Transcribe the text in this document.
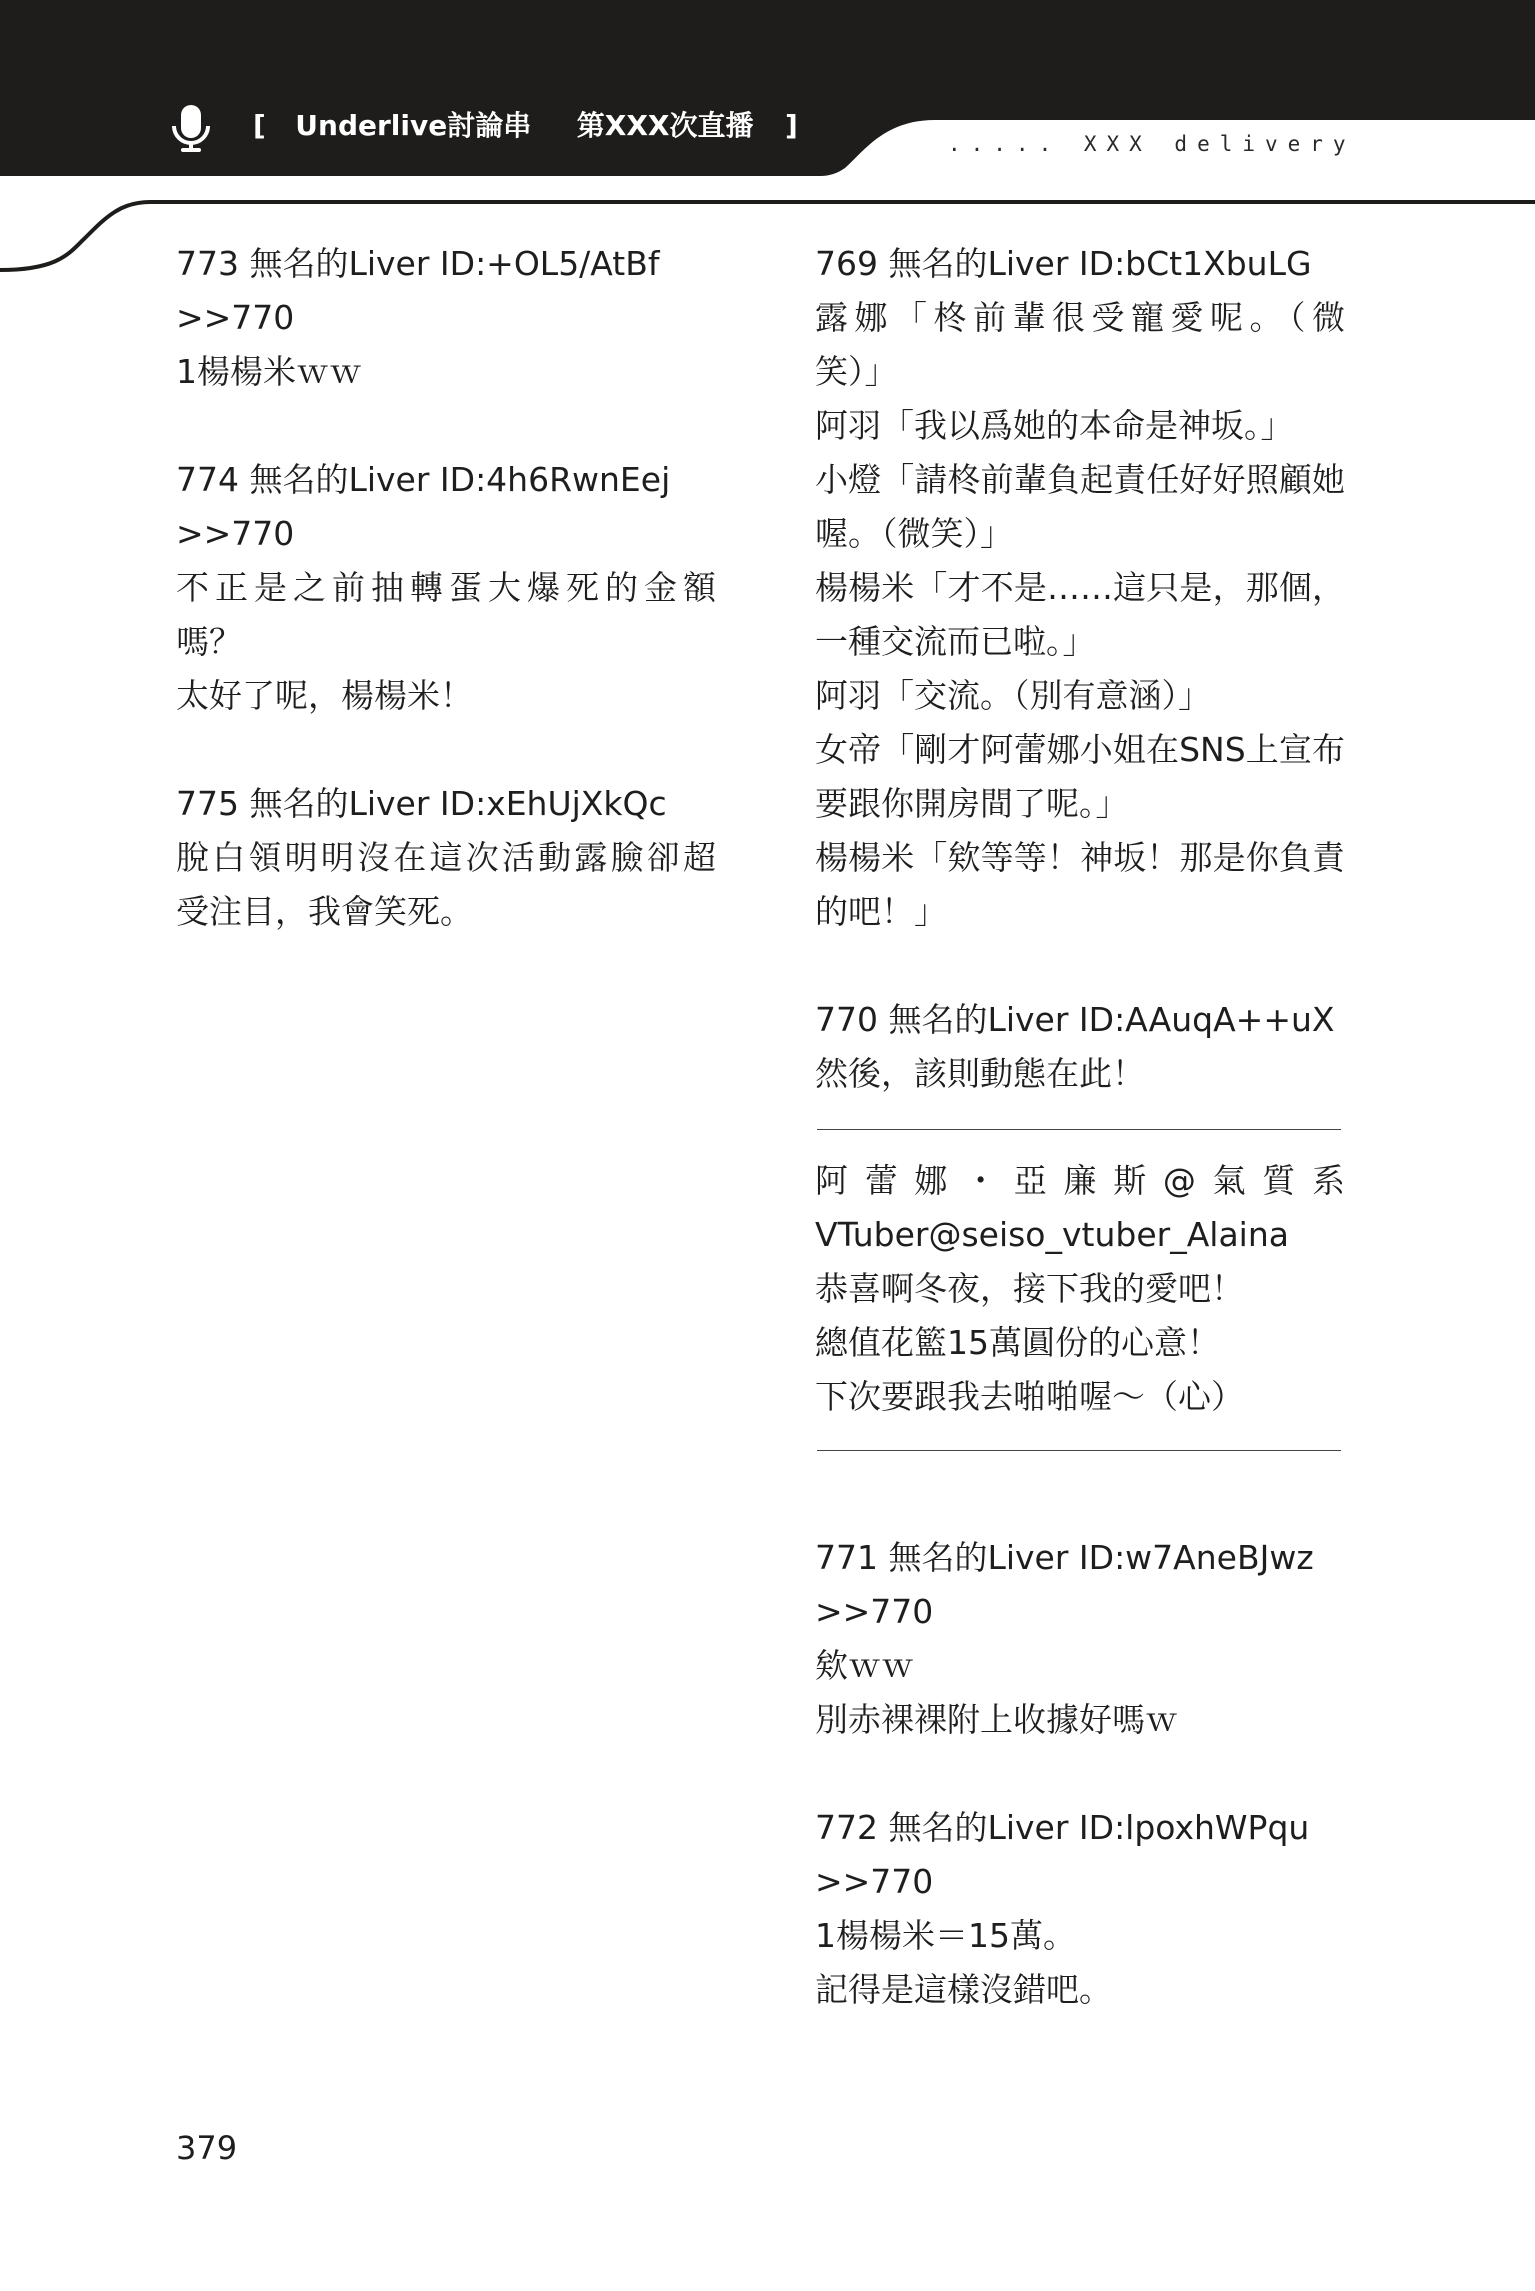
[ Underlive討論串 第XXX次直播 ]
..... XXX delivery
773 無名的Liver ID:+OL5/AtBf
>>770
1楊楊米ｗｗ
774 無名的Liver ID:4h6RwnEej
>>770
不正是之前抽轉蛋大爆死的金額
嗎？
太好了呢，楊楊米！
775 無名的Liver ID:xEhUjXkQc
脫白領明明沒在這次活動露臉卻超
受注目，我會笑死。
769 無名的Liver ID:bCt1XbuLG
露娜「柊前輩很受寵愛呢。（微
笑）」
阿羽「我以爲她的本命是神坂。」
小燈「請柊前輩負起責任好好照顧她
喔。（微笑）」
楊楊米「才不是……這只是，那個，
一種交流而已啦。」
阿羽「交流。（別有意涵）」
女帝「剛才阿蕾娜小姐在SNS上宣布
要跟你開房間了呢。」
楊楊米「欸等等！神坂！那是你負責
的吧！」
770 無名的Liver ID:AAuqA++uX
然後，該則動態在此！
阿蕾娜・亞廉斯@氣質系
VTuber@seiso_vtuber_Alaina
恭喜啊冬夜，接下我的愛吧！
總值花籃15萬圓份的心意！
下次要跟我去啪啪喔～（心）
771 無名的Liver ID:w7AneBJwz
>>770
欸ｗｗ
別赤裸裸附上收據好嗎ｗ
772 無名的Liver ID:lpoxhWPqu
>>770
1楊楊米＝15萬。
記得是這樣沒錯吧。
379
